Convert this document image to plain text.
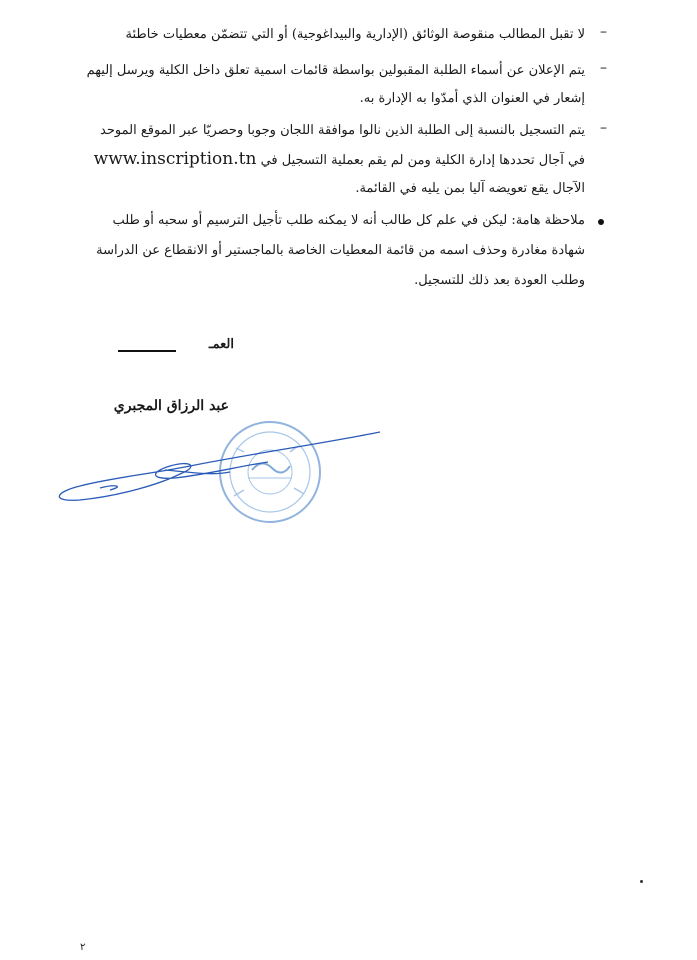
–
لا تقبل المطالب منقوصة الوثائق (الإدارية والبيداغوجية) أو التي تتضمّن معطيات خاطئة
–
يتم الإعلان عن أسماء الطلبة المقبولين بواسطة قائمات اسمية تعلق داخل الكلية ويرسل إليهم
إشعار في العنوان الذي أمدّوا به الإدارة به.
–
يتم التسجيل بالنسبة إلى الطلبة الذين نالوا موافقة اللجان وجوبا وحصريّا عبر الموقع الموحد
في آجال تحددها إدارة الكلية ومن لم يقم بعملية التسجيل في www.inscription.tn
الآجال يقع تعويضه آليا بمن يليه في القائمة.
ملاحظة هامة: ليكن في علم كل طالب أنه لا يمكنه طلب تأجيل الترسيم أو سحبه أو طلب
شهادة مغادرة وحذف اسمه من قائمة المعطيات الخاصة بالماجستير أو الانقطاع عن الدراسة
وطلب العودة بعد ذلك للتسجيل.
العمـ
عبد الرزاق المجبري
٢
